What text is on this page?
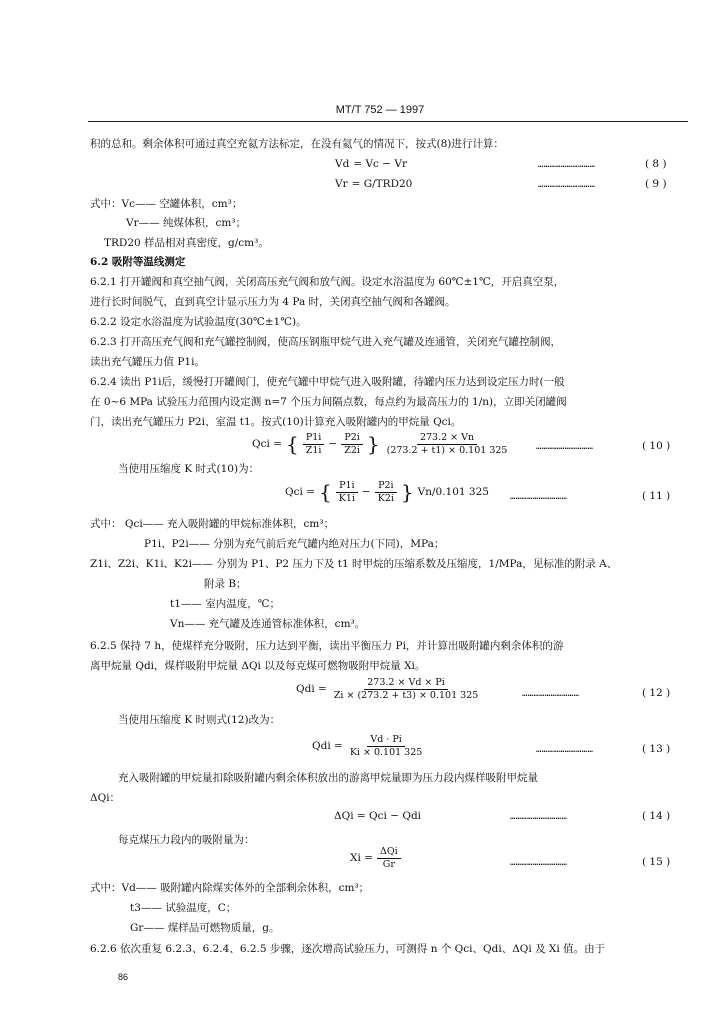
MT/T 752 — 1997
积的总和。剩余体积可通过真空充氦方法标定，在没有氦气的情况下，按式(8)进行计算：
Vd = Vc − Vr	…………………………	( 8 )
Vr = G/TRD20	…………………………	( 9 )
式中：Vc—— 空罐体积，cm³；
Vr—— 纯煤体积，cm³；
TRD20 样品相对真密度，g/cm³。
6.2 吸附等温线测定
6.2.1 打开罐阀和真空抽气阀，关闭高压充气阀和放气阀。设定水浴温度为 60℃±1℃，开启真空泵，
进行长时间脱气，直到真空计显示压力为 4 Pa 时，关闭真空抽气阀和各罐阀。
6.2.2 设定水浴温度为试验温度(30℃±1℃)。
6.2.3 打开高压充气阀和充气罐控制阀，使高压钢瓶甲烷气进入充气罐及连通管，关闭充气罐控制阀，
读出充气罐压力值 P1i。
6.2.4 读出 P1i后，缓慢打开罐阀门，使充气罐中甲烷气进入吸附罐，待罐内压力达到设定压力时(一般
在 0~6 MPa 试验压力范围内设定测 n=7 个压力间隔点数，每点约为最高压力的 1/n)，立即关闭罐阀
门，读出充气罐压力 P2i、室温 t1。按式(10)计算充入吸附罐内的甲烷量 Qci。
Qci = { $\frac{P1i}{Z1i} - \frac{P2i}{Z2i}$ } $\frac{273.2 \times Vn}{(273.2 + t1) \times 0.101 325}$	…………………………	( 10 )
当使用压缩度 K 时式(10)为：
Qci = { $\frac{P1i}{K1i} - \frac{P2i}{K2i}$ } Vn/0.101 325 …………………………	( 11 )
式中： Qci—— 充入吸附罐的甲烷标准体积，cm³；
P1i、P2i—— 分别为充气前后充气罐内绝对压力(下同)，MPa；
Z1i、Z2i、K1i、K2i—— 分别为 P1、P2 压力下及 t1 时甲烷的压缩系数及压缩度，1/MPa，见标准的附录 A、
附录 B；
t1—— 室内温度，℃；
Vn—— 充气罐及连通管标准体积，cm³。
6.2.5 保持 7 h，使煤样充分吸附，压力达到平衡，读出平衡压力 Pi，并计算出吸附罐内剩余体积的游
离甲烷量 Qdi，煤样吸附甲烷量 ΔQi 以及每克煤可燃物吸附甲烷量 Xi。
Qdi = $\frac{273.2 \times Vd \times Pi}{Zi \times (273.2 + t3) \times 0.101 325}$	…………………………	( 12 )
当使用压缩度 K 时则式(12)改为：
Qdi = $\frac{Vd \cdot Pi}{Ki \times 0.101 325}$	…………………………	( 13 )
充入吸附罐的甲烷量扣除吸附罐内剩余体积放出的游离甲烷量即为压力段内煤样吸附甲烷量
ΔQi：
ΔQi = Qci − Qdi	…………………………	( 14 )
每克煤压力段内的吸附量为：
$Xi = \frac{\text{ΔQi}}{Gr}$	…………………………	( 15 )
式中：Vd—— 吸附罐内除煤实体外的全部剩余体积，cm³；
t3—— 试验温度，C；
Gr—— 煤样品可燃物质量，g。
6.2.6 依次重复 6.2.3、6.2.4、6.2.5 步骤，逐次增高试验压力，可测得 n 个 Qci、Qdi、ΔQi 及 Xi 值。由于
86
